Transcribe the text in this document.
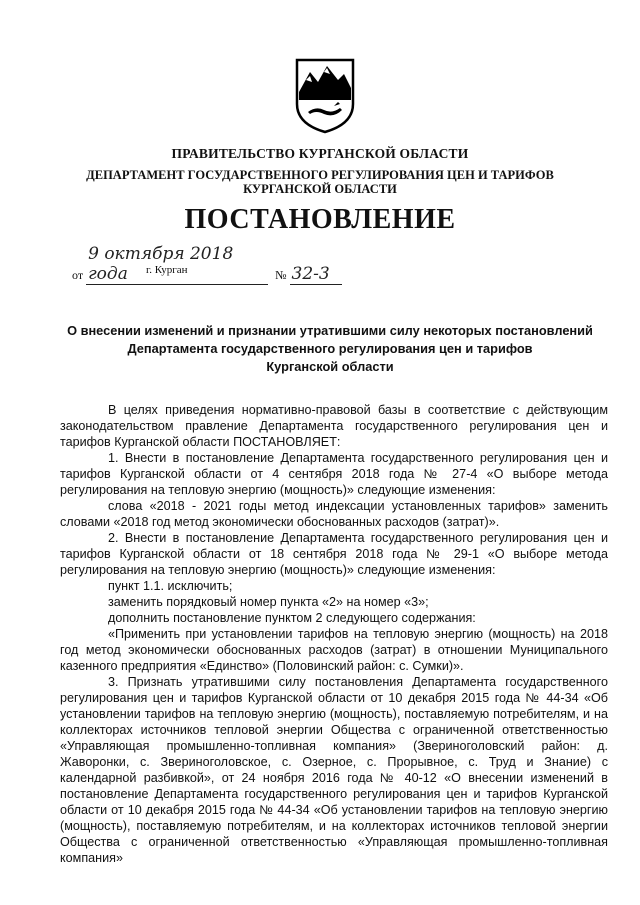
ПРАВИТЕЛЬСТВО КУРГАНСКОЙ ОБЛАСТИ
ДЕПАРТАМЕНТ ГОСУДАРСТВЕННОГО РЕГУЛИРОВАНИЯ ЦЕН И ТАРИФОВ
КУРГАНСКОЙ ОБЛАСТИ
ПОСТАНОВЛЕНИЕ
от 9 октября 2018 года	№ 32-3
г. Курган
О внесении изменений и признании утратившими силу некоторых постановлений
Департамента государственного регулирования цен и тарифов
Курганской области

В целях приведения нормативно-правовой базы в соответствие с действующим законодательством правление Департамента государственного регулирования цен и тарифов Курганской области ПОСТАНОВЛЯЕТ:

1. Внести в постановление Департамента государственного регулирования цен и тарифов Курганской области от 4 сентября 2018 года № 27-4 «О выборе метода регулирования на тепловую энергию (мощность)» следующие изменения:

слова «2018 - 2021 годы метод индексации установленных тарифов» заменить словами «2018 год метод экономически обоснованных расходов (затрат)».

2. Внести в постановление Департамента государственного регулирования цен и тарифов Курганской области от 18 сентября 2018 года № 29-1 «О выборе метода регулирования на тепловую энергию (мощность)» следующие изменения:

пункт 1.1. исключить;

заменить порядковый номер пункта «2» на номер «3»;

дополнить постановление пунктом 2 следующего содержания:

«Применить при установлении тарифов на тепловую энергию (мощность) на 2018 год метод экономически обоснованных расходов (затрат) в отношении Муниципального казенного предприятия «Единство» (Половинский район: с. Сумки)».

3. Признать утратившими силу постановления Департамента государственного регулирования цен и тарифов Курганской области от 10 декабря 2015 года № 44-34 «Об установлении тарифов на тепловую энергию (мощность), поставляемую потребителям, и на коллекторах источников тепловой энергии Общества с ограниченной ответственностью «Управляющая промышленно-топливная компания» (Звериноголовский район: д. Жаворонки, с. Звериноголовское, с. Озерное, с. Прорывное, с. Труд и Знание) с календарной разбивкой», от 24 ноября 2016 года № 40-12 «О внесении изменений в постановление Департамента государственного регулирования цен и тарифов Курганской области от 10 декабря 2015 года № 44-34 «Об установлении тарифов на тепловую энергию (мощность), поставляемую потребителям, и на коллекторах источников тепловой энергии Общества с ограниченной ответственностью «Управляющая промышленно-топливная компания»
